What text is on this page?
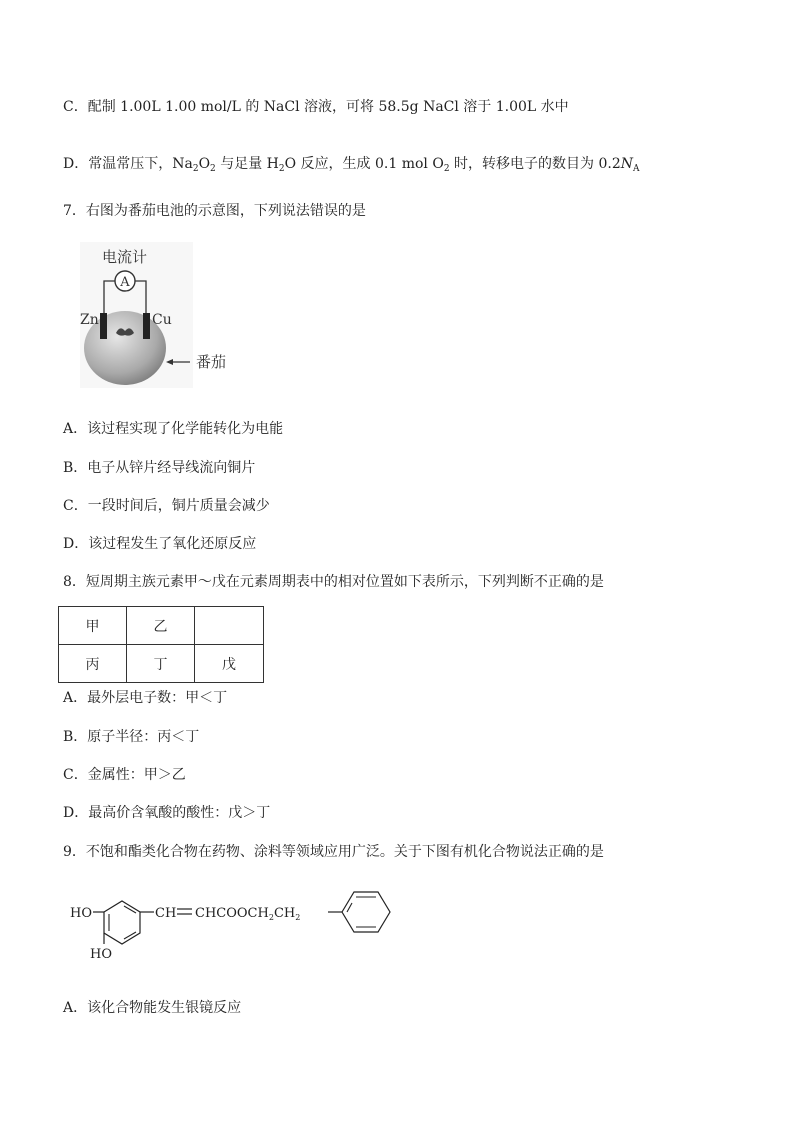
C．配制 1.00L 1.00 mol/L 的 NaCl 溶液，可将 58.5g NaCl 溶于 1.00L 水中
D．常温常压下，$Na_2O_2$ 与足量 $H_2O$ 反应，生成 0.1 mol $O_2$ 时，转移电子的数目为 $0.2N_A$
7．右图为番茄电池的示意图，下列说法错误的是
电流计
A
Zn	Cu
番茄
A．该过程实现了化学能转化为电能
B．电子从锌片经导线流向铜片
C．一段时间后，铜片质量会减少
D．该过程发生了氧化还原反应
8．短周期主族元素甲～戊在元素周期表中的相对位置如下表所示，下列判断不正确的是
甲	乙	
丙	丁	戊
A．最外层电子数：甲＜丁
B．原子半径：丙＜丁
C．金属性：甲＞乙
D．最高价含氧酸的酸性：戊＞丁
9．不饱和酯类化合物在药物、涂料等领域应用广泛。关于下图有机化合物说法正确的是
HO
HO
CH $CHCOOCH_2CH_2$
A．该化合物能发生银镜反应
